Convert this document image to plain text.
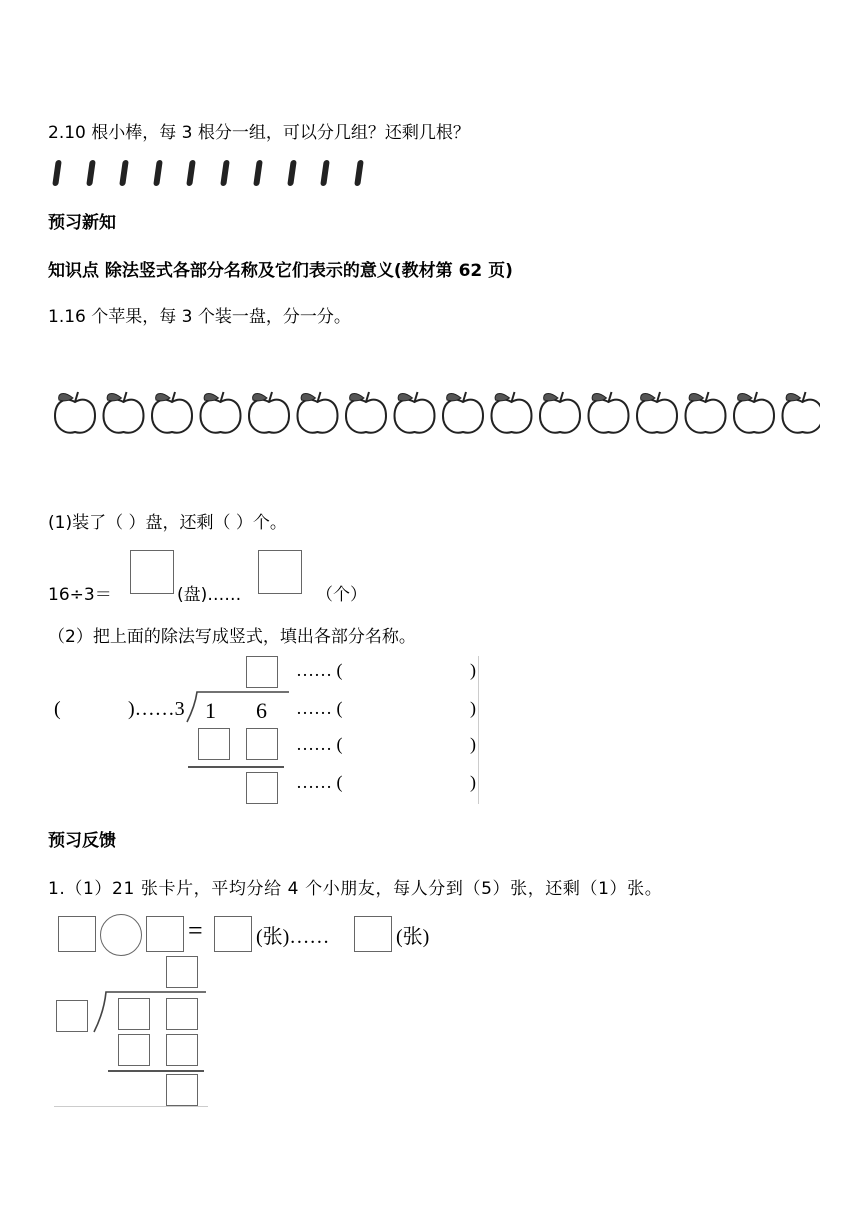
2.10 根小棒，每 3 根分一组，可以分几组？还剩几根？
预习新知
知识点 除法竖式各部分名称及它们表示的意义(教材第 62 页)
1.16 个苹果，每 3 个装一盘，分一分。
(1)装了（ ）盘，还剩（ ）个。
16÷3＝	(盘)……	（个）
（2）把上面的除法写成竖式，填出各部分名称。
(	)……3 1 6
…… (
…… (
…… (
…… (
)
)
)
)
预习反馈
1.（1）21 张卡片，平均分给 4 个小朋友，每人分到（5）张，还剩（1）张。
=	(张)……	(张)
